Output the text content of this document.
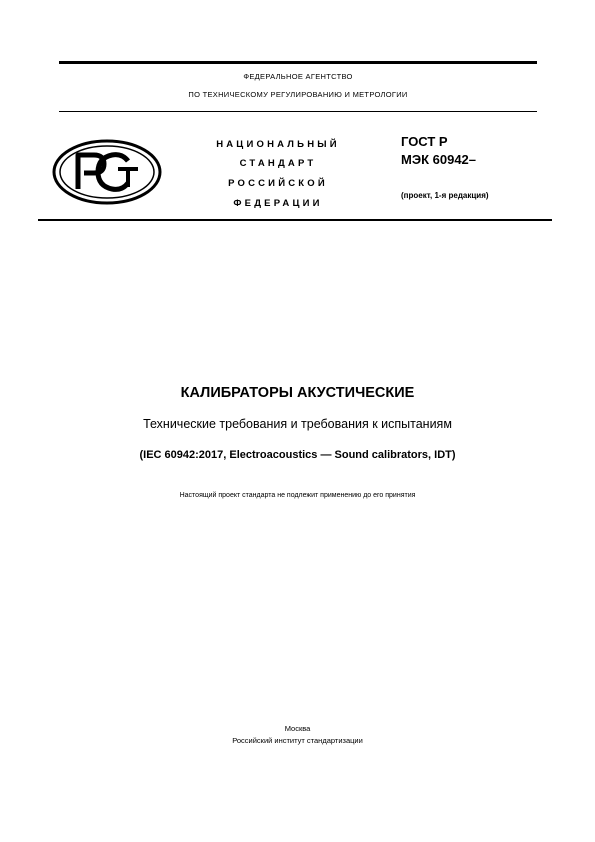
ФЕДЕРАЛЬНОЕ АГЕНТСТВО
ПО ТЕХНИЧЕСКОМУ РЕГУЛИРОВАНИЮ И МЕТРОЛОГИИ
НАЦИОНАЛЬНЫЙ
СТАНДАРТ
РОССИЙСКОЙ
ФЕДЕРАЦИИ
ГОСТ Р
МЭК 60942–
(проект, 1-я редакция)
КАЛИБРАТОРЫ АКУСТИЧЕСКИЕ
Технические требования и требования к испытаниям
(IEC 60942:2017, Electroacoustics — Sound calibrators, IDT)
Настоящий проект стандарта не подлежит применению до его принятия
Москва
Российский институт стандартизации
